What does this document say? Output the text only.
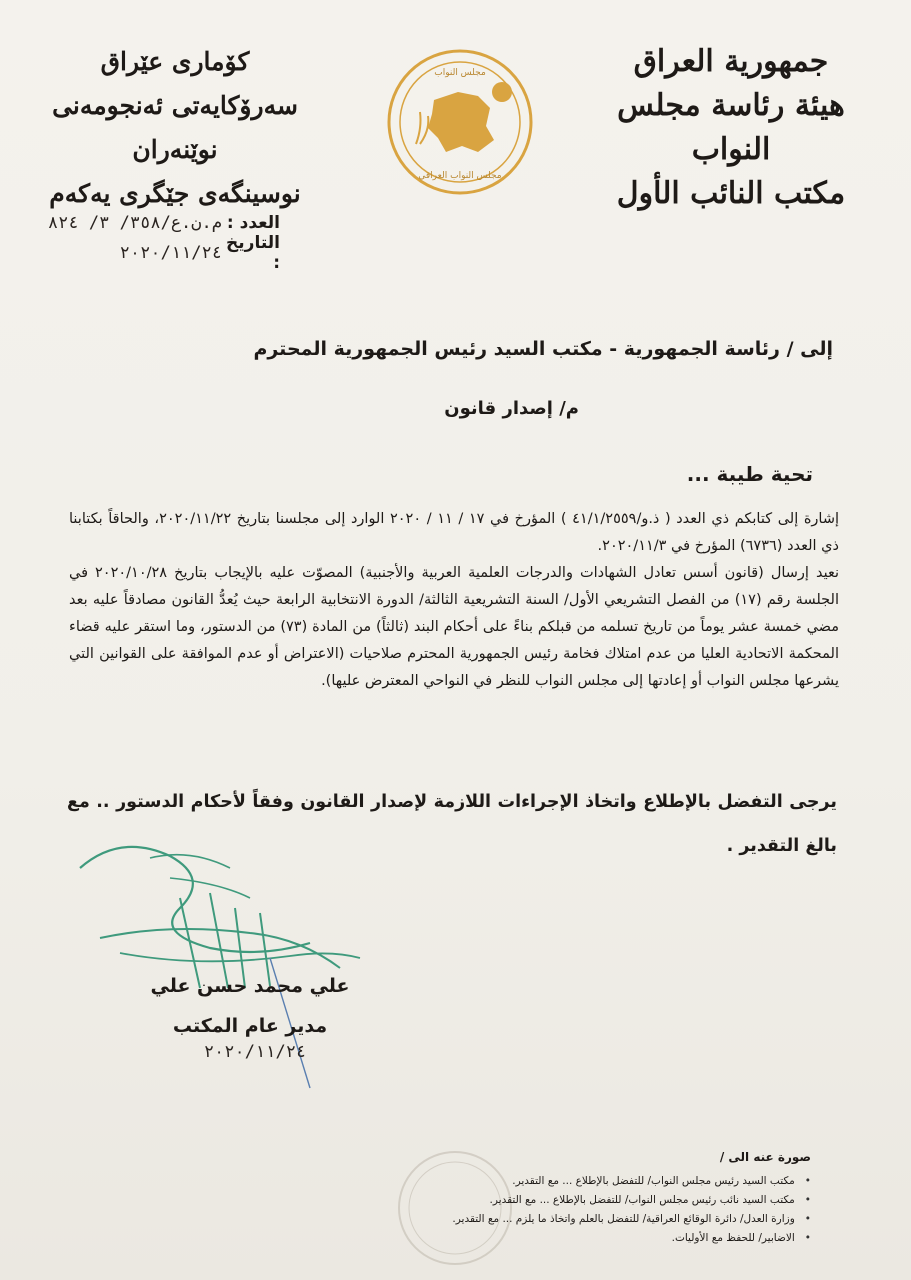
جمهورية العراق
هيئة رئاسة مجلس النواب
مكتب النائب الأول
مجلس النواب
مجلس النواب العراقي
كۆماری عێراق
سەرۆکایەتی ئەنجومەنی نوێنەران
نوسینگەی جێگری یەکەم
العدد :
م.ن.ع/٣٥٨/ ٣/ ٨٢٤
التاريخ :
٢٠٢٠/١١/٢٤
إلى / رئاسة الجمهورية - مكتب السيد رئيس الجمهورية المحترم
م/ إصدار قانون
تحية طيبة ...
إشارة إلى كتابكم ذي العدد ( ذ.و/٤١/١/٢٥٥٩ ) المؤرخ في ١٧ / ١١ / ٢٠٢٠ الوارد إلى مجلسنا بتاريخ ٢٠٢٠/١١/٢٢، والحاقاً بكتابنا ذي العدد (٦٧٣٦) المؤرخ في ٢٠٢٠/١١/٣.
نعيد إرسال (قانون أسس تعادل الشهادات والدرجات العلمية العربية والأجنبية) المصوّت عليه بالإيجاب بتاريخ ٢٠٢٠/١٠/٢٨ في الجلسة رقم (١٧) من الفصل التشريعي الأول/ السنة التشريعية الثالثة/ الدورة الانتخابية الرابعة حيث يُعدُّ القانون مصادقاً عليه بعد مضي خمسة عشر يوماً من تاريخ تسلمه من قبلكم بناءً على أحكام البند (ثالثاً) من المادة (٧٣) من الدستور، وما استقر عليه قضاء المحكمة الاتحادية العليا من عدم امتلاك فخامة رئيس الجمهورية المحترم صلاحيات (الاعتراض أو عدم الموافقة على القوانين التي يشرعها مجلس النواب أو إعادتها إلى مجلس النواب للنظر في النواحي المعترض عليها).
يرجى التفضل بالإطلاع واتخاذ الإجراءات اللازمة لإصدار القانون وفقاً لأحكام الدستور .. مع بالغ التقدير .
علي محمد حسن علي
مدير عام المكتب
٢٠٢٠/١١/٢٤
صورة عنه الى /
• مكتب السيد رئيس مجلس النواب/ للتفضل بالإطلاع ... مع التقدير.
• مكتب السيد نائب رئيس مجلس النواب/ للتفضل بالإطلاع ... مع التقدير.
• وزارة العدل/ دائرة الوقائع العراقية/ للتفضل بالعلم واتخاذ ما يلزم ... مع التقدير.
• الاضابير/ للحفظ مع الأوليات.
